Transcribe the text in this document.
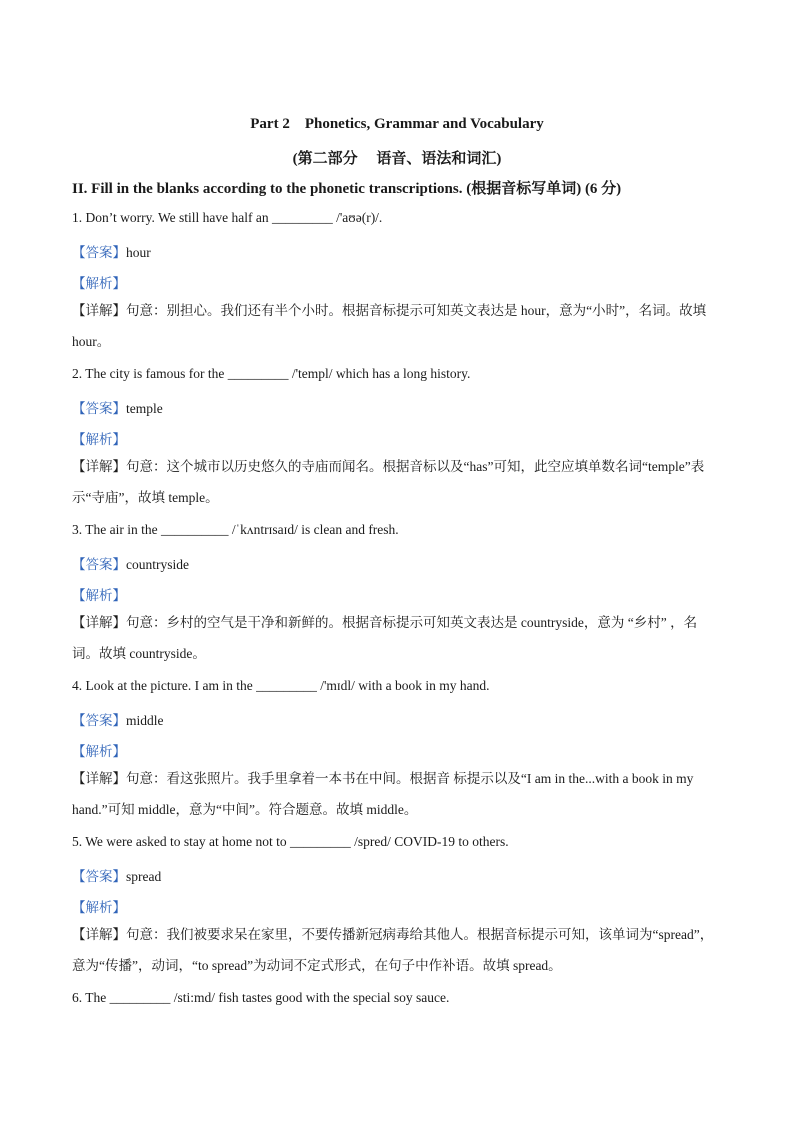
Part 2    Phonetics, Grammar and Vocabulary
(第二部分     语音、语法和词汇)
II. Fill in the blanks according to the phonetic transcriptions. (根据音标写单词) (6 分)
1. Don’t worry. We still have half an _________ /'aʊə(r)/.
【答案】hour
【解析】
【详解】句意：别担心。我们还有半个小时。根据音标提示可知英文表达是 hour，意为“小时”，名词。故填 hour。
2. The city is famous for the _________ /'templ/ which has a long history.
【答案】temple
【解析】
【详解】句意：这个城市以历史悠久的寺庙而闻名。根据音标以及“has”可知，此空应填单数名词“temple”表示“寺庙”，故填 temple。
3. The air in the __________ /ˈkʌntrɪsaɪd/ is clean and fresh.
【答案】countryside
【解析】
【详解】句意：乡村的空气是干净和新鲜的。根据音标提示可知英文表达是 countryside，意为 “乡村” ，名词。故填 countryside。
4. Look at the picture. I am in the _________ /'mɪdl/ with a book in my hand.
【答案】middle
【解析】
【详解】句意：看这张照片。我手里拿着一本书在中间。根据音 标提示以及“I am in the...with a book in my hand.”可知 middle，意为“中间”。符合题意。故填 middle。
5. We were asked to stay at home not to _________ /spred/ COVID-19 to others.
【答案】spread
【解析】
【详解】句意：我们被要求呆在家里，不要传播新冠病毒给其他人。根据音标提示可知，该单词为“spread”，意为“传播”，动词，“to spread”为动词不定式形式，在句子中作补语。故填 spread。
6. The _________ /sti:md/ fish tastes good with the special soy sauce.
